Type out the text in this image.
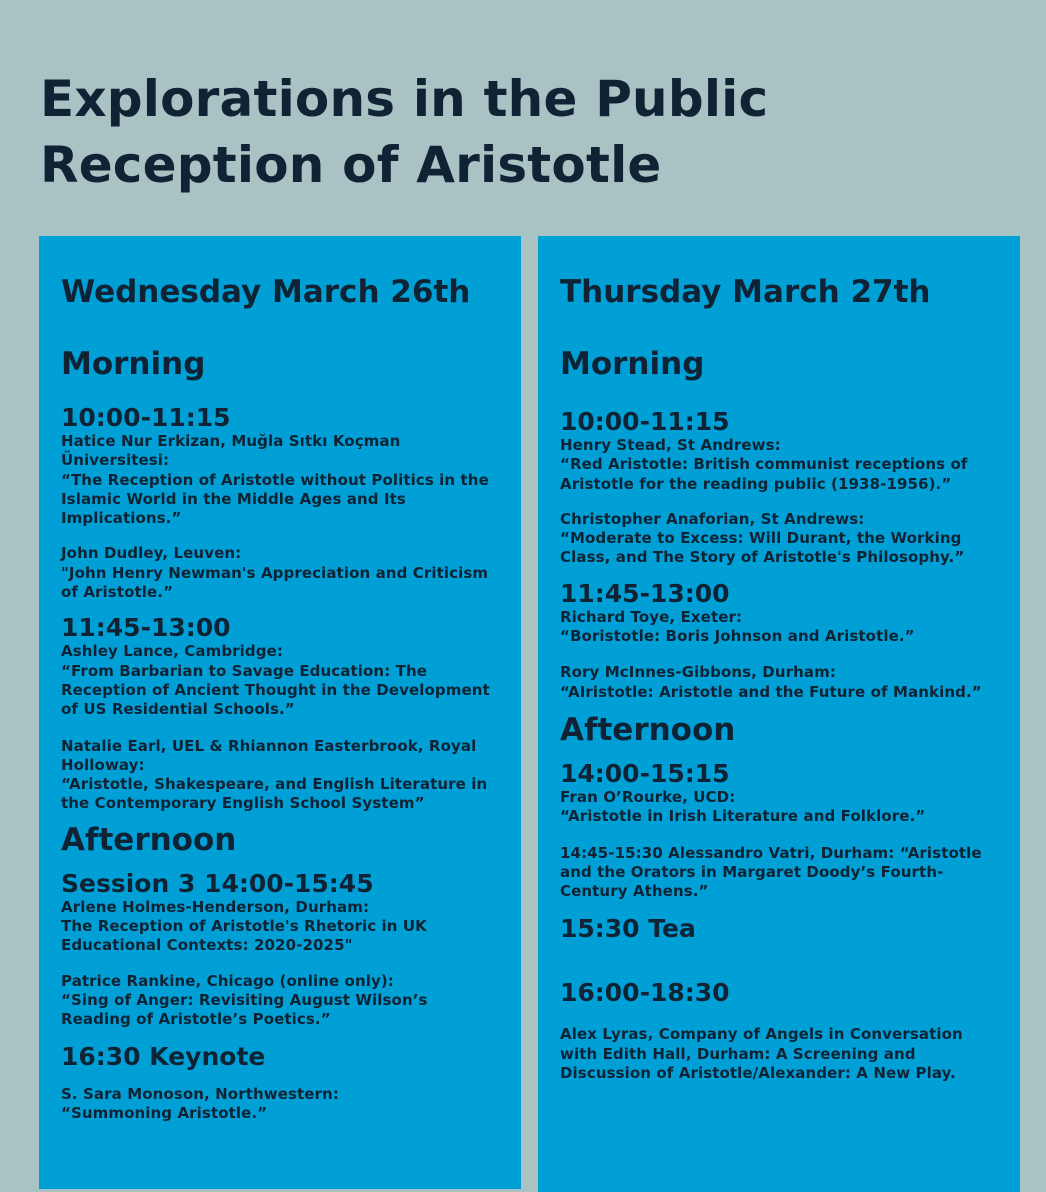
Explorations in the Public Reception of Aristotle
Wednesday March 26th
Morning
10:00-11:15

Hatice Nur Erkizan, Muğla Sıtkı Koçman Üniversitesi:
“The Reception of Aristotle without Politics in the Islamic World in the Middle Ages and Its Implications.”

John Dudley, Leuven:
"John Henry Newman's Appreciation and Criticism of Aristotle.”

11:45-13:00

Ashley Lance, Cambridge:
“From Barbarian to Savage Education: The Reception of Ancient Thought in the Development of US Residential Schools.”

Natalie Earl, UEL & Rhiannon Easterbrook, Royal Holloway:
“Aristotle, Shakespeare, and English Literature in the Contemporary English School System”

Afternoon
Session 3 14:00-15:45

Arlene Holmes-Henderson, Durham:
The Reception of Aristotle's Rhetoric in UK Educational Contexts: 2020-2025"

Patrice Rankine, Chicago (online only):
“Sing of Anger: Revisiting August Wilson’s Reading of Aristotle’s Poetics.”

16:30 Keynote

S. Sara Monoson, Northwestern:
“Summoning Aristotle.”

Thursday March 27th
Morning
10:00-11:15

Henry Stead, St Andrews:
“Red Aristotle: British communist receptions of Aristotle for the reading public (1938-1956).”

Christopher Anaforian, St Andrews:
“Moderate to Excess: Will Durant, the Working Class, and The Story of Aristotle's Philosophy.”

11:45-13:00

Richard Toye, Exeter:
“Boristotle: Boris Johnson and Aristotle.”

Rory McInnes-Gibbons, Durham:
“AIristotle: Aristotle and the Future of Mankind.”

Afternoon
14:00-15:15

Fran O’Rourke, UCD:
“Aristotle in Irish Literature and Folklore.”

14:45-15:30 Alessandro Vatri, Durham: “Aristotle and the Orators in Margaret Doody’s Fourth-Century Athens.”

15:30 Tea
16:00-18:30

Alex Lyras, Company of Angels in Conversation with Edith Hall, Durham: A Screening and Discussion of Aristotle/Alexander: A New Play.
